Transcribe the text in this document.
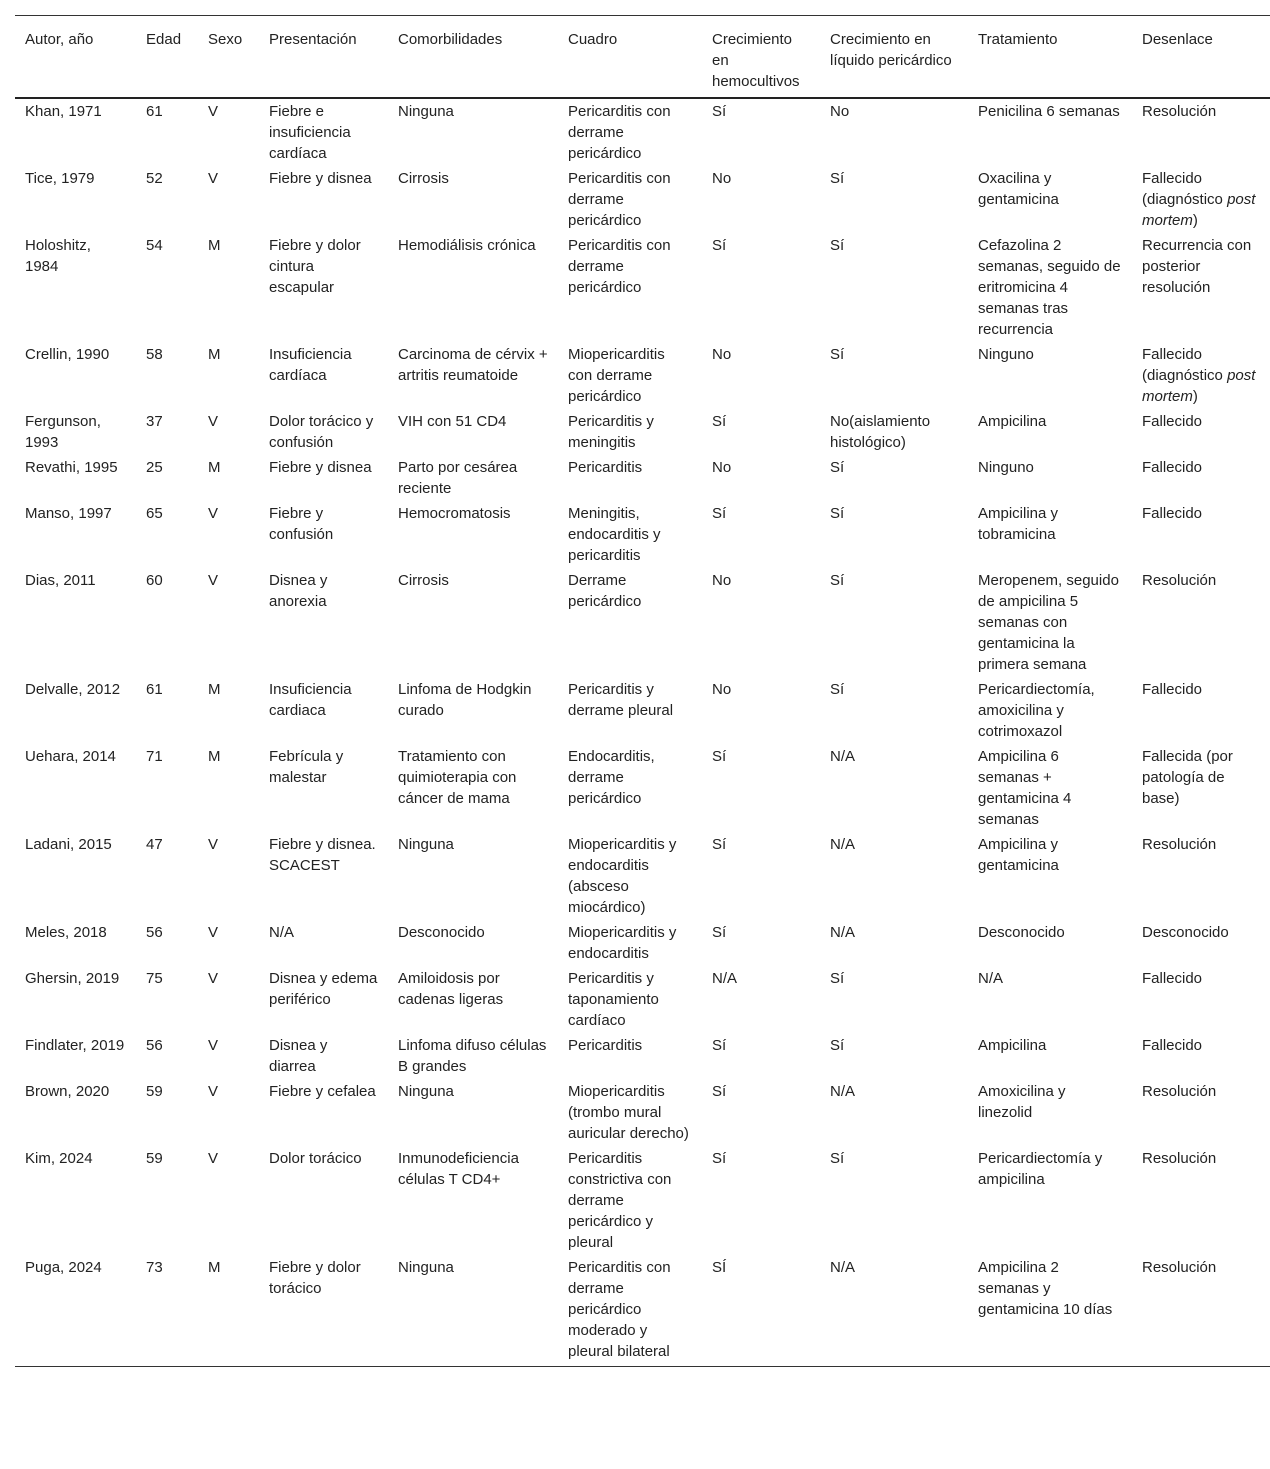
Autor, año	Edad	Sexo	Presentación	Comorbilidades	Cuadro	Crecimiento en hemocultivos	Crecimiento en líquido pericárdico	Tratamiento	Desenlace
Khan, 1971	61	V	Fiebre e insuficiencia cardíaca	Ninguna	Pericarditis con derrame pericárdico	Sí	No	Penicilina 6 semanas	Resolución
Tice, 1979	52	V	Fiebre y disnea	Cirrosis	Pericarditis con derrame pericárdico	No	Sí	Oxacilina y gentamicina	Fallecido (diagnóstico post mortem)
Holoshitz, 1984	54	M	Fiebre y dolor cintura escapular	Hemodiálisis crónica	Pericarditis con derrame pericárdico	Sí	Sí	Cefazolina 2 semanas, seguido de eritromicina 4 semanas tras recurrencia	Recurrencia con posterior resolución
Crellin, 1990	58	M	Insuficiencia cardíaca	Carcinoma de cérvix + artritis reumatoide	Miopericarditis con derrame pericárdico	No	Sí	Ninguno	Fallecido (diagnóstico post mortem)
Fergunson, 1993	37	V	Dolor torácico y confusión	VIH con 51 CD4	Pericarditis y meningitis	Sí	No(aislamiento histológico)	Ampicilina	Fallecido
Revathi, 1995	25	M	Fiebre y disnea	Parto por cesárea reciente	Pericarditis	No	Sí	Ninguno	Fallecido
Manso, 1997	65	V	Fiebre y confusión	Hemocromatosis	Meningitis, endocarditis y pericarditis	Sí	Sí	Ampicilina y tobramicina	Fallecido
Dias, 2011	60	V	Disnea y anorexia	Cirrosis	Derrame pericárdico	No	Sí	Meropenem, seguido de ampicilina 5 semanas con gentamicina la primera semana	Resolución
Delvalle, 2012	61	M	Insuficiencia cardiaca	Linfoma de Hodgkin curado	Pericarditis y derrame pleural	No	Sí	Pericardiectomía, amoxicilina y cotrimoxazol	Fallecido
Uehara, 2014	71	M	Febrícula y malestar	Tratamiento con quimioterapia con cáncer de mama	Endocarditis, derrame pericárdico	Sí	N/A	Ampicilina 6 semanas + gentamicina 4 semanas	Fallecida (por patología de base)
Ladani, 2015	47	V	Fiebre y disnea. SCACEST	Ninguna	Miopericarditis y endocarditis (absceso miocárdico)	Sí	N/A	Ampicilina y gentamicina	Resolución
Meles, 2018	56	V	N/A	Desconocido	Miopericarditis y endocarditis	Sí	N/A	Desconocido	Desconocido
Ghersin, 2019	75	V	Disnea y edema periférico	Amiloidosis por cadenas ligeras	Pericarditis y taponamiento cardíaco	N/A	Sí	N/A	Fallecido
Findlater, 2019	56	V	Disnea y diarrea	Linfoma difuso células B grandes	Pericarditis	Sí	Sí	Ampicilina	Fallecido
Brown, 2020	59	V	Fiebre y cefalea	Ninguna	Miopericarditis (trombo mural auricular derecho)	Sí	N/A	Amoxicilina y linezolid	Resolución
Kim, 2024	59	V	Dolor torácico	Inmunodeficiencia células T CD4+	Pericarditis constrictiva con derrame pericárdico y pleural	Sí	Sí	Pericardiectomía y ampicilina	Resolución
Puga, 2024	73	M	Fiebre y dolor torácico	Ninguna	Pericarditis con derrame pericárdico moderado y pleural bilateral	SÍ	N/A	Ampicilina 2 semanas y gentamicina 10 días	Resolución
